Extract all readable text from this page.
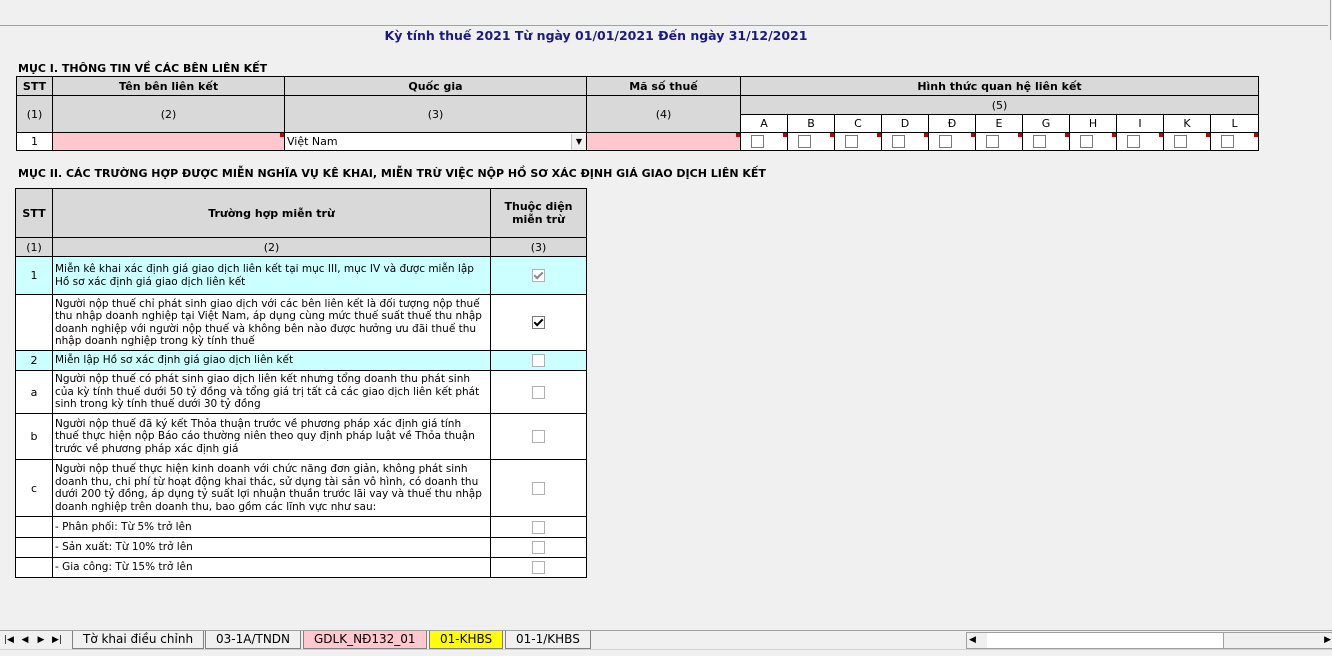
Kỳ tính thuế 2021 Từ ngày 01/01/2021 Đến ngày 31/12/2021
MỤC I. THÔNG TIN VỀ CÁC BÊN LIÊN KẾT
STT	Tên bên liên kết	Quốc gia	Mã số thuế	Hình thức quan hệ liên kết										
(1)	(2)	(3)	(4)	(5)										
				A	B	C	D	Đ	E	G	H	I	K	L
1		Việt Nam ▼												

MỤC II. CÁC TRƯỜNG HỢP ĐƯỢC MIỄN NGHĨA VỤ KÊ KHAI, MIỄN TRỪ VIỆC NỘP HỒ SƠ XÁC ĐỊNH GIÁ GIAO DỊCH LIÊN KẾT
STT	Trường hợp miễn trừ	Thuộc diện miễn trừ
(1)	(2)	(3)
1	Miễn kê khai xác định giá giao dịch liên kết tại mục III, mục IV và được miễn lập Hồ sơ xác định giá giao dịch liên kết	

	Người nộp thuế chỉ phát sinh giao dịch với các bên liên kết là đối tượng nộp thuế thu nhập doanh nghiệp tại Việt Nam, áp dụng cùng mức thuế suất thuế thu nhập doanh nghiệp với người nộp thuế và không bên nào được hưởng ưu đãi thuế thu nhập doanh nghiệp trong kỳ tính thuế	

2	Miễn lập Hồ sơ xác định giá giao dịch liên kết	

a	Người nộp thuế có phát sinh giao dịch liên kết nhưng tổng doanh thu phát sinh của kỳ tính thuế dưới 50 tỷ đồng và tổng giá trị tất cả các giao dịch liên kết phát sinh trong kỳ tính thuế dưới 30 tỷ đồng	

b	Người nộp thuế đã ký kết Thỏa thuận trước về phương pháp xác định giá tính thuế thực hiện nộp Báo cáo thường niên theo quy định pháp luật về Thỏa thuận trước về phương pháp xác định giá	

c	Người nộp thuế thực hiện kinh doanh với chức năng đơn giản, không phát sinh doanh thu, chi phí từ hoạt động khai thác, sử dụng tài sản vô hình, có doanh thu dưới 200 tỷ đồng, áp dụng tỷ suất lợi nhuận thuần trước lãi vay và thuế thu nhập doanh nghiệp trên doanh thu, bao gồm các lĩnh vực như sau:	

	- Phân phối: Từ 5% trở lên	

	- Sản xuất: Từ 10% trở lên	

	- Gia công: Từ 15% trở lên	

|◀ ◀	▶ ▶|	Tờ khai điều chỉnh	03-1A/TNDN	GDLK_NĐ132_01	01-KHBS	01-1/KHBS	◀	▶
